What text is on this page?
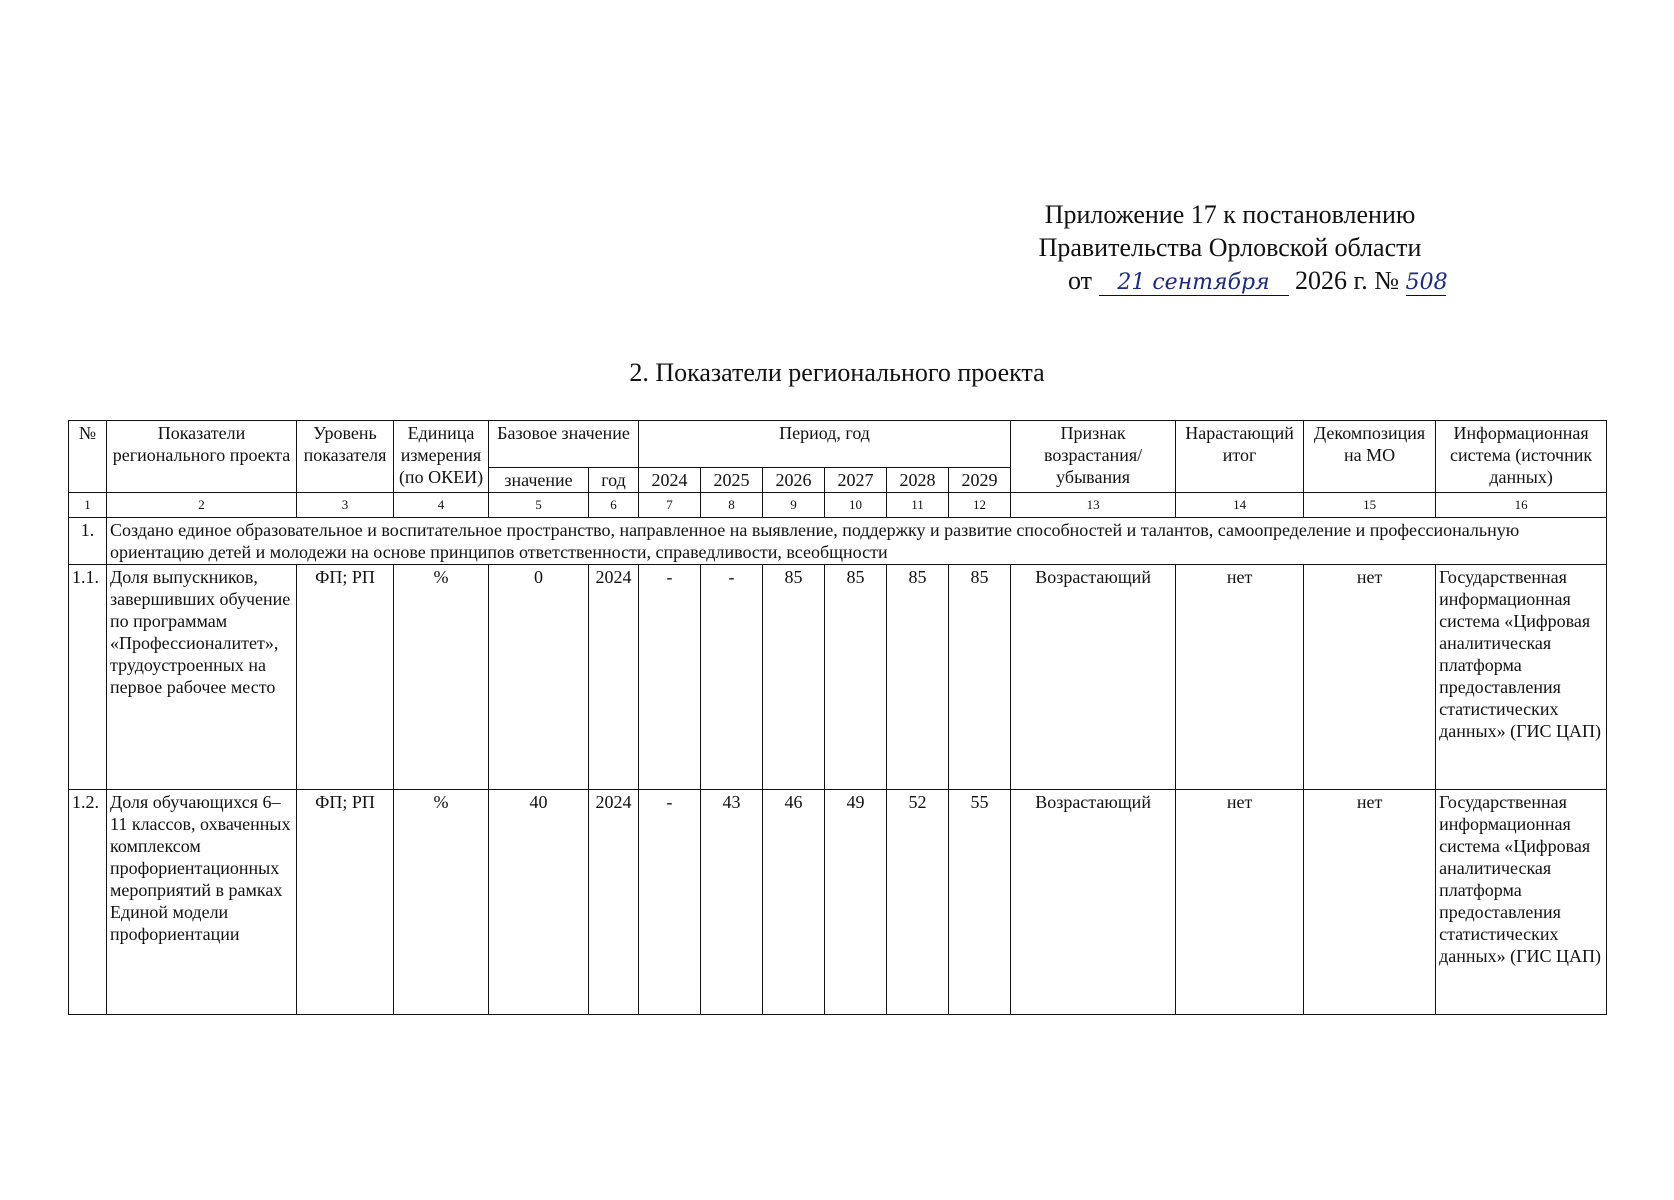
Приложение 17 к постановлению
Правительства Орловской области
от 21 сентября 2026 г. № 508
2. Показатели регионального проекта
№	Показатели регионального проекта	Уровень показателя	Единица измерения (по ОКЕИ)	Базовое значение		Период, год						Признак возрастания/ убывания	Нарастающий итог	Декомпозиция на МО	Информационная система (источник данных)
				значение	год	2024	2025	2026	2027	2028	2029				
1	2	3	4	5	6	7	8	9	10	11	12	13	14	15	16
1.	Создано единое образовательное и воспитательное пространство, направленное на выявление, поддержку и развитие способностей и талантов, самоопределение и профессиональную ориентацию детей и молодежи на основе принципов ответственности, справедливости, всеобщности														
1.1.	Доля выпускников, завершивших обучение по программам «Профессионалитет», трудоустроенных на первое рабочее место	ФП; РП	%	0	2024	-	-	85	85	85	85	Возрастающий	нет	нет	Государственная информационная система «Цифровая аналитическая платформа предоставления статистических данных» (ГИС ЦАП)
1.2.	Доля обучающихся 6–11 классов, охваченных комплексом профориентационных мероприятий в рамках Единой модели профориентации	ФП; РП	%	40	2024	-	43	46	49	52	55	Возрастающий	нет	нет	Государственная информационная система «Цифровая аналитическая платформа предоставления статистических данных» (ГИС ЦАП)
